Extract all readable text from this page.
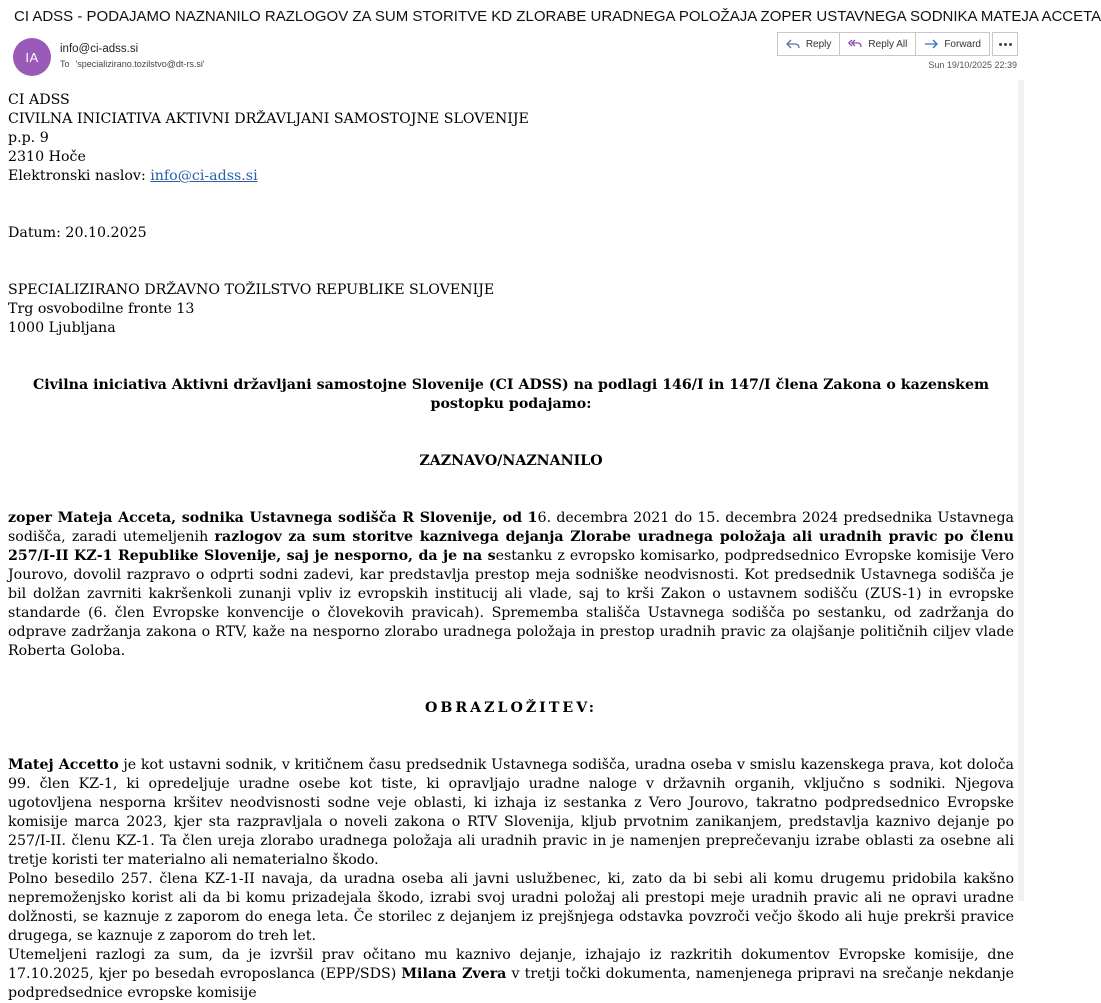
CI ADSS - PODAJAMO NAZNANILO RAZLOGOV ZA SUM STORITVE KD ZLORABE URADNEGA POLOŽAJA ZOPER USTAVNEGA SODNIKA MATEJA ACCETA
IA
info@ci-adss.si
To 'specializirano.tozilstvo@dt-rs.si'
Reply	Reply All	Forward
Sun 19/10/2025 22:39

CI ADSS

CIVILNA INICIATIVA AKTIVNI DRŽAVLJANI SAMOSTOJNE SLOVENIJE

p.p. 9

2310 Hoče

Elektronski naslov: info@ci-adss.si

Datum: 20.10.2025

SPECIALIZIRANO DRŽAVNO TOŽILSTVO REPUBLIKE SLOVENIJE

Trg osvobodilne fronte 13

1000 Ljubljana

Civilna iniciativa Aktivni državljani samostojne Slovenije (CI ADSS) na podlagi 146/I in 147/I člena Zakona o kazenskem postopku podajamo:

ZAZNAVO/NAZNANILO

zoper Mateja Acceta, sodnika Ustavnega sodišča R Slovenije, od 16. decembra 2021 do 15. decembra 2024 predsednika Ustavnega sodišča, zaradi utemeljenih razlogov za sum storitve kaznivega dejanja Zlorabe uradnega položaja ali uradnih pravic po členu 257/I-II KZ-1 Republike Slovenije, saj je nesporno, da je na sestanku z evropsko komisarko, podpredsednico Evropske komisije Vero Jourovo, dovolil razpravo o odprti sodni zadevi, kar predstavlja prestop meja sodniške neodvisnosti. Kot predsednik Ustavnega sodišča je bil dolžan zavrniti kakršenkoli zunanji vpliv iz evropskih institucij ali vlade, saj to krši Zakon o ustavnem sodišču (ZUS-1) in evropske standarde (6. člen Evropske konvencije o človekovih pravicah). Sprememba stališča Ustavnega sodišča po sestanku, od zadržanja do odprave zadržanja zakona o RTV, kaže na nesporno zlorabo uradnega položaja in prestop uradnih pravic za olajšanje političnih ciljev vlade Roberta Goloba.

OBRAZLOŽITEV:

Matej Accetto je kot ustavni sodnik, v kritičnem času predsednik Ustavnega sodišča, uradna oseba v smislu kazenskega prava, kot določa 99. člen KZ-1, ki opredeljuje uradne osebe kot tiste, ki opravljajo uradne naloge v državnih organih, vključno s sodniki. Njegova ugotovljena nesporna kršitev neodvisnosti sodne veje oblasti, ki izhaja iz sestanka z Vero Jourovo, takratno podpredsednico Evropske komisije marca 2023, kjer sta razpravljala o noveli zakona o RTV Slovenija, kljub prvotnim zanikanjem, predstavlja kaznivo dejanje po 257/I-II. členu KZ-1. Ta člen ureja zlorabo uradnega položaja ali uradnih pravic in je namenjen preprečevanju izrabe oblasti za osebne ali tretje koristi ter materialno ali nematerialno škodo.

Polno besedilo 257. člena KZ-1-II navaja, da uradna oseba ali javni uslužbenec, ki, zato da bi sebi ali komu drugemu pridobila kakšno nepremoženjsko korist ali da bi komu prizadejala škodo, izrabi svoj uradni položaj ali prestopi meje uradnih pravic ali ne opravi uradne dolžnosti, se kaznuje z zaporom do enega leta. Če storilec z dejanjem iz prejšnjega odstavka povzroči večjo škodo ali huje prekrši pravice drugega, se kaznuje z zaporom do treh let.

Utemeljeni razlogi za sum, da je izvršil prav očitano mu kaznivo dejanje, izhajajo iz razkritih dokumentov Evropske komisije, dne 17.10.2025, kjer po besedah evroposlanca (EPP/SDS) Milana Zvera v tretji točki dokumenta, namenjenega pripravi na srečanje nekdanje podpredsednice evropske komisije
